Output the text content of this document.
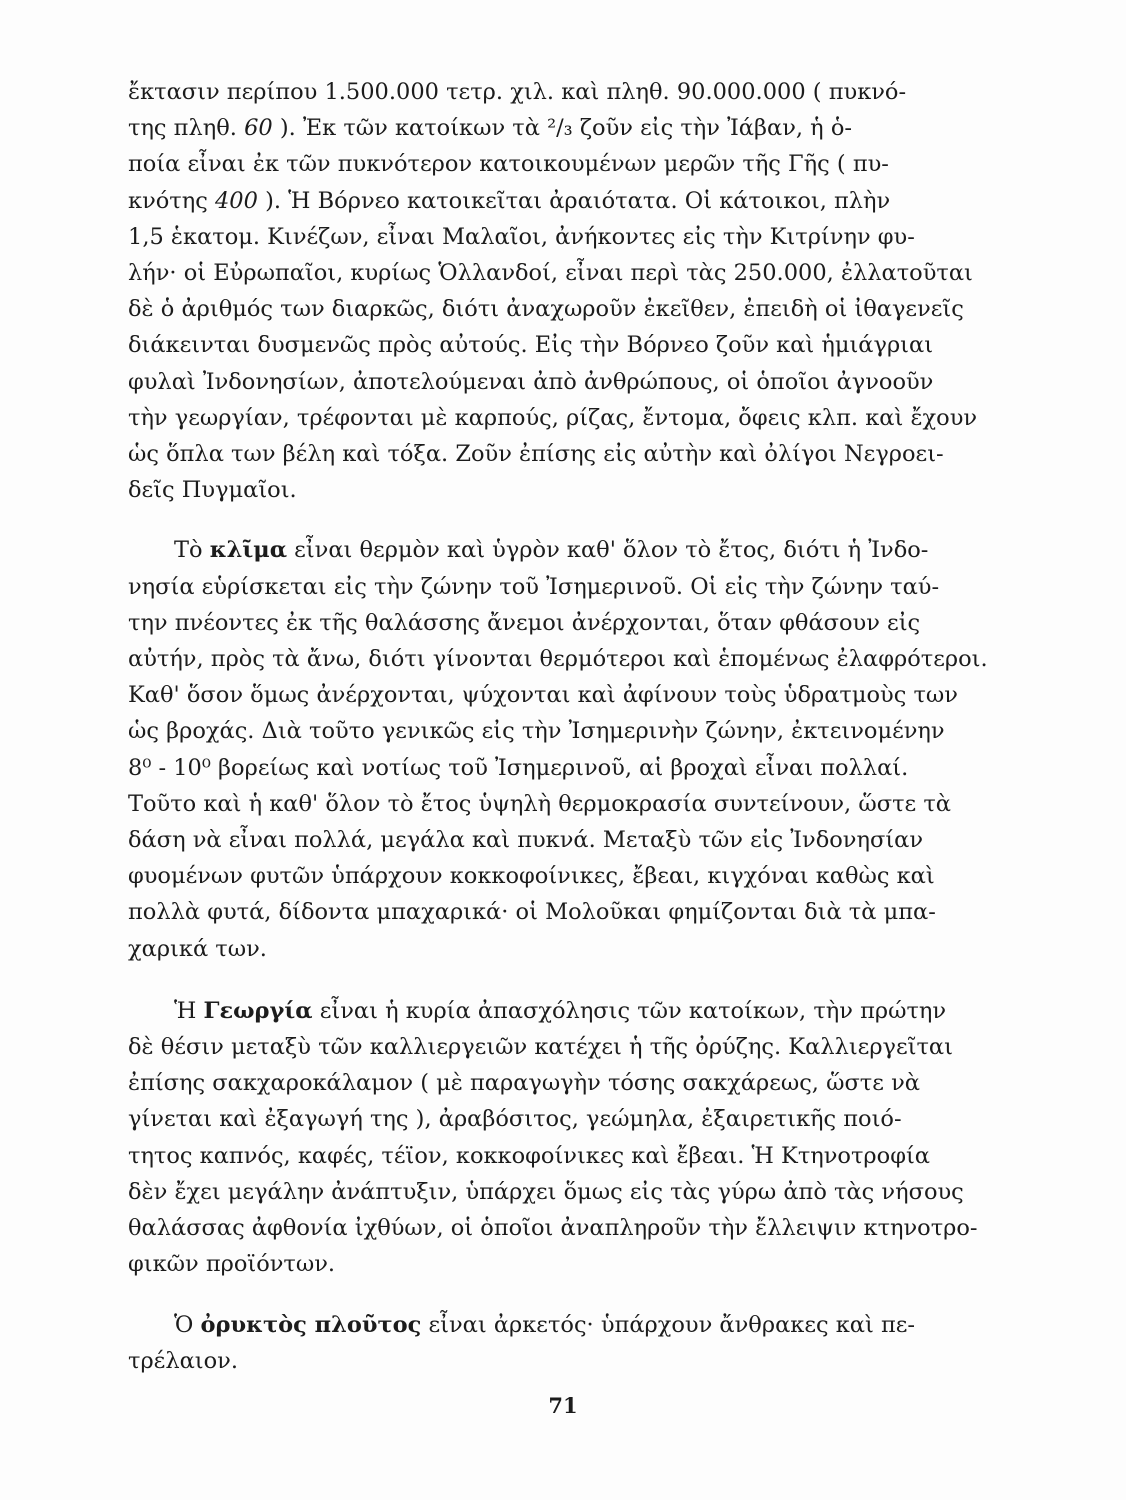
ἔκτασιν περίπου 1.500.000 τετρ. χιλ. καὶ πληθ. 90.000.000 ( πυκνό-
της πληθ. 60 ). Ἐκ τῶν κατοίκων τὰ ²/₃ ζοῦν εἰς τὴν Ἰάβαν, ἡ ὁ-
ποία εἶναι ἐκ τῶν πυκνότερον κατοικουμένων μερῶν τῆς Γῆς ( πυ-
κνότης 400 ). Ἡ Βόρνεο κατοικεῖται ἀραιότατα. Οἱ κάτοικοι, πλὴν
1,5 ἑκατομ. Κινέζων, εἶναι Μαλαῖοι, ἀνήκοντες εἰς τὴν Κιτρίνην φυ-
λήν· οἱ Εὐρωπαῖοι, κυρίως Ὁλλανδοί, εἶναι περὶ τὰς 250.000, ἐλλατοῦται
δὲ ὁ ἀριθμός των διαρκῶς, διότι ἀναχωροῦν ἐκεῖθεν, ἐπειδὴ οἱ ἰθαγενεῖς
διάκεινται δυσμενῶς πρὸς αὐτούς. Εἰς τὴν Βόρνεο ζοῦν καὶ ἡμιάγριαι
φυλαὶ Ἰνδονησίων, ἀποτελούμεναι ἀπὸ ἀνθρώπους, οἱ ὁποῖοι ἀγνοοῦν
τὴν γεωργίαν, τρέφονται μὲ καρπούς, ρίζας, ἔντομα, ὄφεις κλπ. καὶ ἔχουν
ὡς ὅπλα των βέλη καὶ τόξα. Ζοῦν ἐπίσης εἰς αὐτὴν καὶ ὀλίγοι Νεγροει-
δεῖς Πυγμαῖοι.

Τὸ κλῖμα εἶναι θερμὸν καὶ ὑγρὸν καθ' ὅλον τὸ ἔτος, διότι ἡ Ἰνδο-
νησία εὑρίσκεται εἰς τὴν ζώνην τοῦ Ἰσημερινοῦ. Οἱ εἰς τὴν ζώνην ταύ-
την πνέοντες ἐκ τῆς θαλάσσης ἄνεμοι ἀνέρχονται, ὅταν φθάσουν εἰς
αὐτήν, πρὸς τὰ ἄνω, διότι γίνονται θερμότεροι καὶ ἑπομένως ἐλαφρότεροι.
Καθ' ὅσον ὅμως ἀνέρχονται, ψύχονται καὶ ἀφίνουν τοὺς ὑδρατμοὺς των
ὡς βροχάς. Διὰ τοῦτο γενικῶς εἰς τὴν Ἰσημερινὴν ζώνην, ἐκτεινομένην
8⁰ - 10⁰ βορείως καὶ νοτίως τοῦ Ἰσημερινοῦ, αἱ βροχαὶ εἶναι πολλαί.
Τοῦτο καὶ ἡ καθ' ὅλον τὸ ἔτος ὑψηλὴ θερμοκρασία συντείνουν, ὥστε τὰ
δάση νὰ εἶναι πολλά, μεγάλα καὶ πυκνά. Μεταξὺ τῶν εἰς Ἰνδονησίαν
φυομένων φυτῶν ὑπάρχουν κοκκοφοίνικες, ἔβεαι, κιγχόναι καθὼς καὶ
πολλὰ φυτά, δίδοντα μπαχαρικά· οἱ Μολοῦκαι φημίζονται διὰ τὰ μπα-
χαρικά των.

Ἡ Γεωργία εἶναι ἡ κυρία ἀπασχόλησις τῶν κατοίκων, τὴν πρώτην
δὲ θέσιν μεταξὺ τῶν καλλιεργειῶν κατέχει ἡ τῆς ὀρύζης. Καλλιεργεῖται
ἐπίσης σακχαροκάλαμον ( μὲ παραγωγὴν τόσης σακχάρεως, ὥστε νὰ
γίνεται καὶ ἐξαγωγή της ), ἀραβόσιτος, γεώμηλα, ἐξαιρετικῆς ποιό-
τητος καπνός, καφές, τέϊον, κοκκοφοίνικες καὶ ἔβεαι. Ἡ Κτηνοτροφία
δὲν ἔχει μεγάλην ἀνάπτυξιν, ὑπάρχει ὅμως εἰς τὰς γύρω ἀπὸ τὰς νήσους
θαλάσσας ἀφθονία ἰχθύων, οἱ ὁποῖοι ἀναπληροῦν τὴν ἔλλειψιν κτηνοτρο-
φικῶν προϊόντων.

Ὁ ὀρυκτὸς πλοῦτος εἶναι ἀρκετός· ὑπάρχουν ἄνθρακες καὶ πε-
τρέλαιον.

71
